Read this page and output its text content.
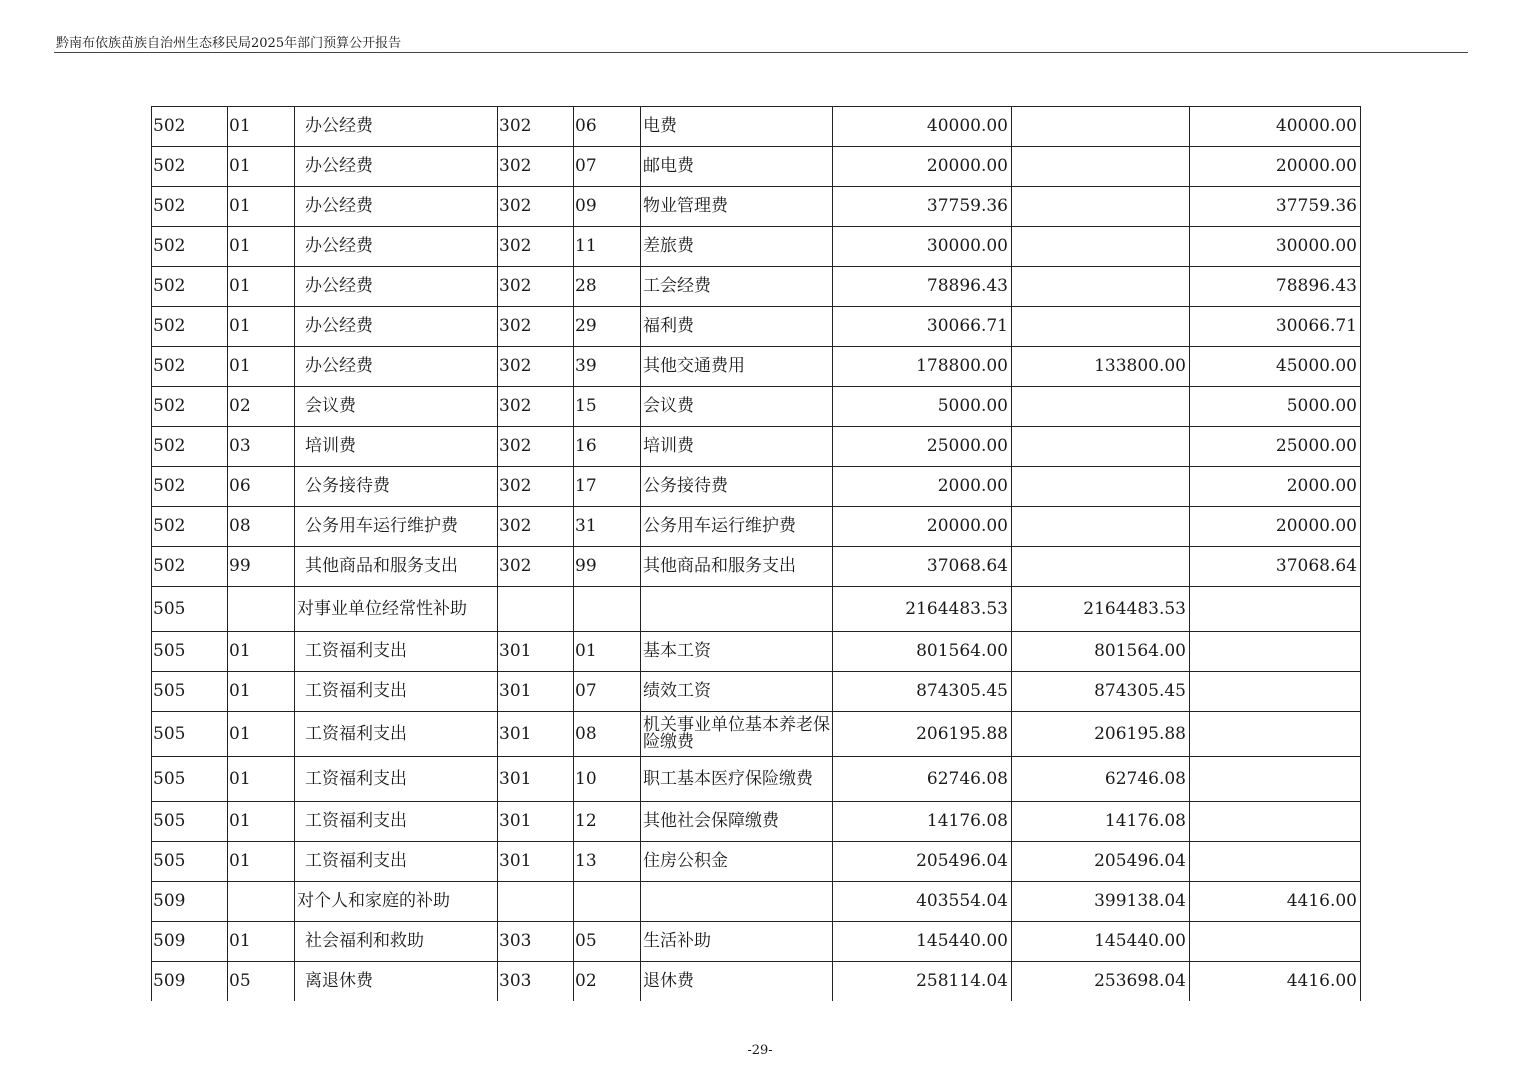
黔南布依族苗族自治州生态移民局2025年部门预算公开报告
502	01	办公经费	302	06	电费	40000.00		40000.00
502	01	办公经费	302	07	邮电费	20000.00		20000.00
502	01	办公经费	302	09	物业管理费	37759.36		37759.36
502	01	办公经费	302	11	差旅费	30000.00		30000.00
502	01	办公经费	302	28	工会经费	78896.43		78896.43
502	01	办公经费	302	29	福利费	30066.71		30066.71
502	01	办公经费	302	39	其他交通费用	178800.00	133800.00	45000.00
502	02	会议费	302	15	会议费	5000.00		5000.00
502	03	培训费	302	16	培训费	25000.00		25000.00
502	06	公务接待费	302	17	公务接待费	2000.00		2000.00
502	08	公务用车运行维护费	302	31	公务用车运行维护费	20000.00		20000.00
502	99	其他商品和服务支出	302	99	其他商品和服务支出	37068.64		37068.64
505		对事业单位经常性补助				2164483.53	2164483.53	
505	01	工资福利支出	301	01	基本工资	801564.00	801564.00	
505	01	工资福利支出	301	07	绩效工资	874305.45	874305.45	
505	01	工资福利支出	301	08	机关事业单位基本养老保险缴费	206195.88	206195.88	
505	01	工资福利支出	301	10	职工基本医疗保险缴费	62746.08	62746.08	
505	01	工资福利支出	301	12	其他社会保障缴费	14176.08	14176.08	
505	01	工资福利支出	301	13	住房公积金	205496.04	205496.04	
509		对个人和家庭的补助				403554.04	399138.04	4416.00
509	01	社会福利和救助	303	05	生活补助	145440.00	145440.00	
509	05	离退休费	303	02	退休费	258114.04	253698.04	4416.00
-29-
